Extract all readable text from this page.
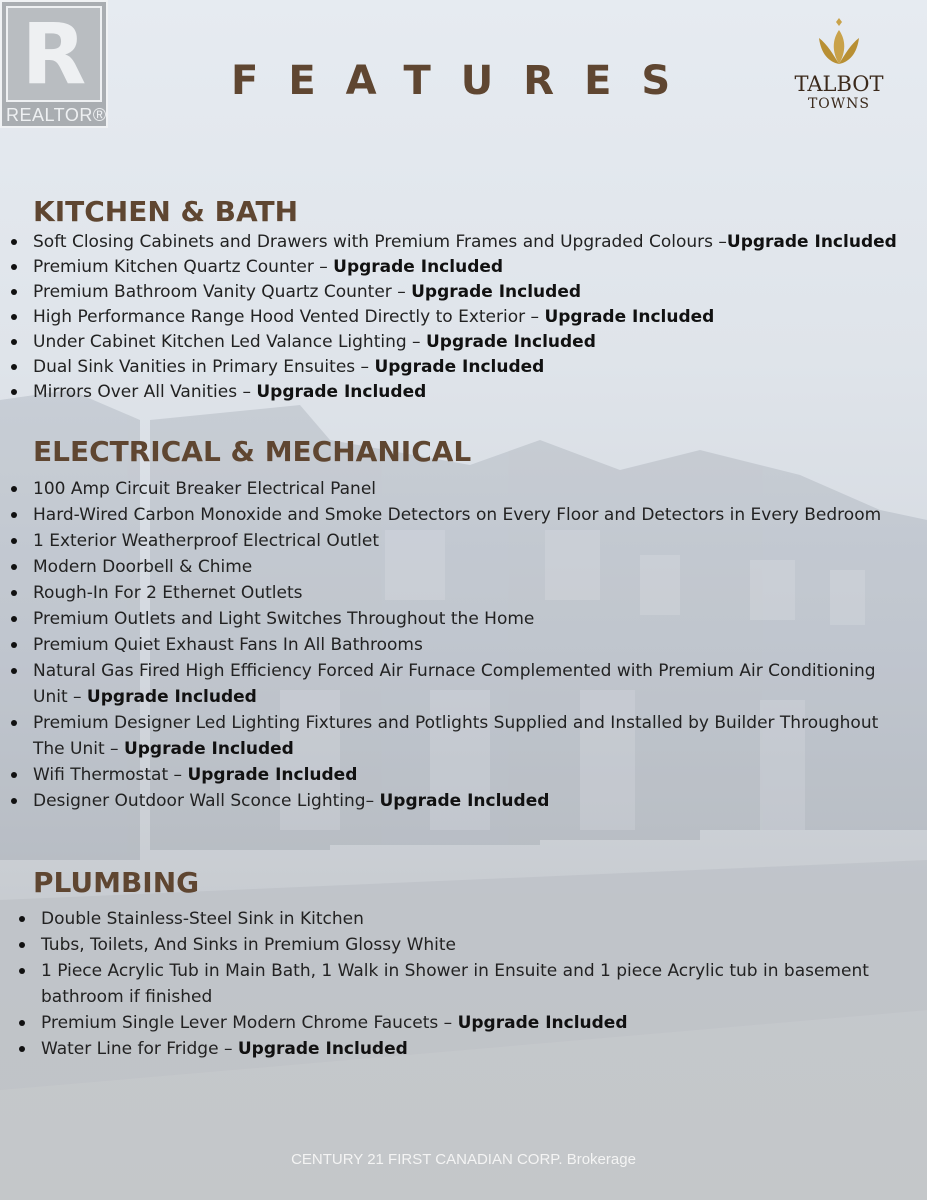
R
REALTOR®
FEATURES	TALBOT
TOWNS
KITCHEN & BATH
Soft Closing Cabinets and Drawers with Premium Frames and Upgraded Colours –Upgrade Included
Premium Kitchen Quartz Counter – Upgrade Included
Premium Bathroom Vanity Quartz Counter – Upgrade Included
High Performance Range Hood Vented Directly to Exterior – Upgrade Included
Under Cabinet Kitchen Led Valance Lighting – Upgrade Included
Dual Sink Vanities in Primary Ensuites – Upgrade Included
Mirrors Over All Vanities – Upgrade Included
ELECTRICAL & MECHANICAL
100 Amp Circuit Breaker Electrical Panel
Hard-Wired Carbon Monoxide and Smoke Detectors on Every Floor and Detectors in Every Bedroom
1 Exterior Weatherproof Electrical Outlet
Modern Doorbell & Chime
Rough-In For 2 Ethernet Outlets
Premium Outlets and Light Switches Throughout the Home
Premium Quiet Exhaust Fans In All Bathrooms
Natural Gas Fired High Efficiency Forced Air Furnace Complemented with Premium Air Conditioning Unit – Upgrade Included
Premium Designer Led Lighting Fixtures and Potlights Supplied and Installed by Builder Throughout The Unit – Upgrade Included
Wifi Thermostat – Upgrade Included
Designer Outdoor Wall Sconce Lighting– Upgrade Included
PLUMBING
Double Stainless-Steel Sink in Kitchen
Tubs, Toilets, And Sinks in Premium Glossy White
1 Piece Acrylic Tub in Main Bath, 1 Walk in Shower in Ensuite and 1 piece Acrylic tub in basement bathroom if finished
Premium Single Lever Modern Chrome Faucets – Upgrade Included
Water Line for Fridge – Upgrade Included
CENTURY 21 FIRST CANADIAN CORP. Brokerage
